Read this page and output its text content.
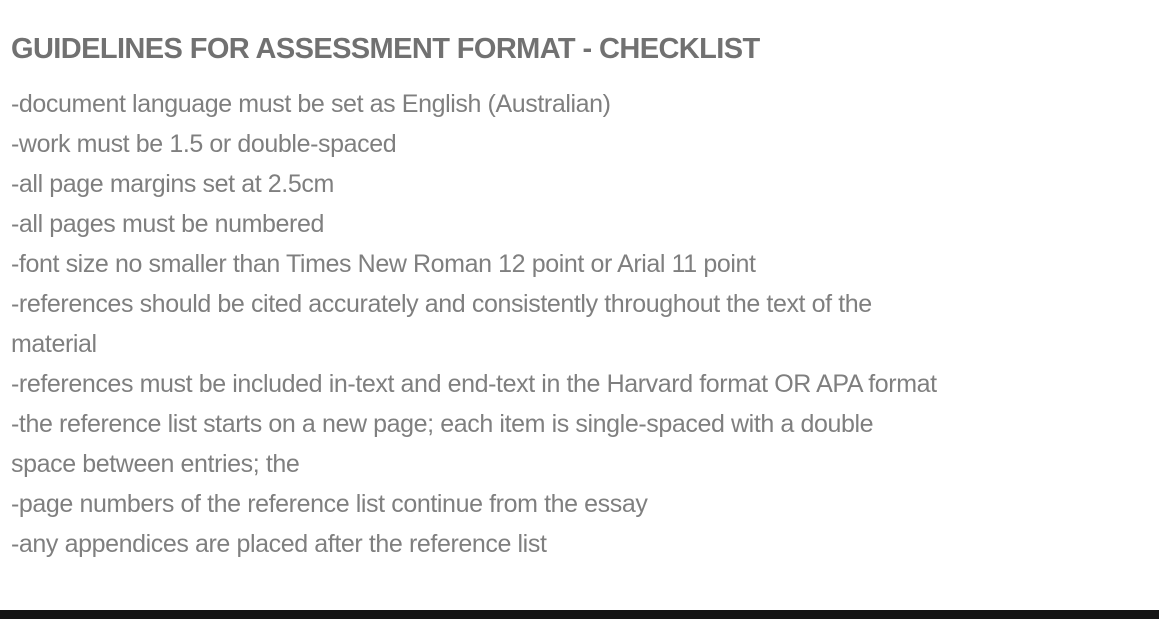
GUIDELINES FOR ASSESSMENT FORMAT - CHECKLIST
-document language must be set as English (Australian)
-work must be 1.5 or double-spaced
-all page margins set at 2.5cm
-all pages must be numbered
-font size no smaller than Times New Roman 12 point or Arial 11 point
-references should be cited accurately and consistently throughout the text of the
material
-references must be included in-text and end-text in the Harvard format OR APA format
-the reference list starts on a new page; each item is single-spaced with a double
space between entries; the
-page numbers of the reference list continue from the essay
-any appendices are placed after the reference list
